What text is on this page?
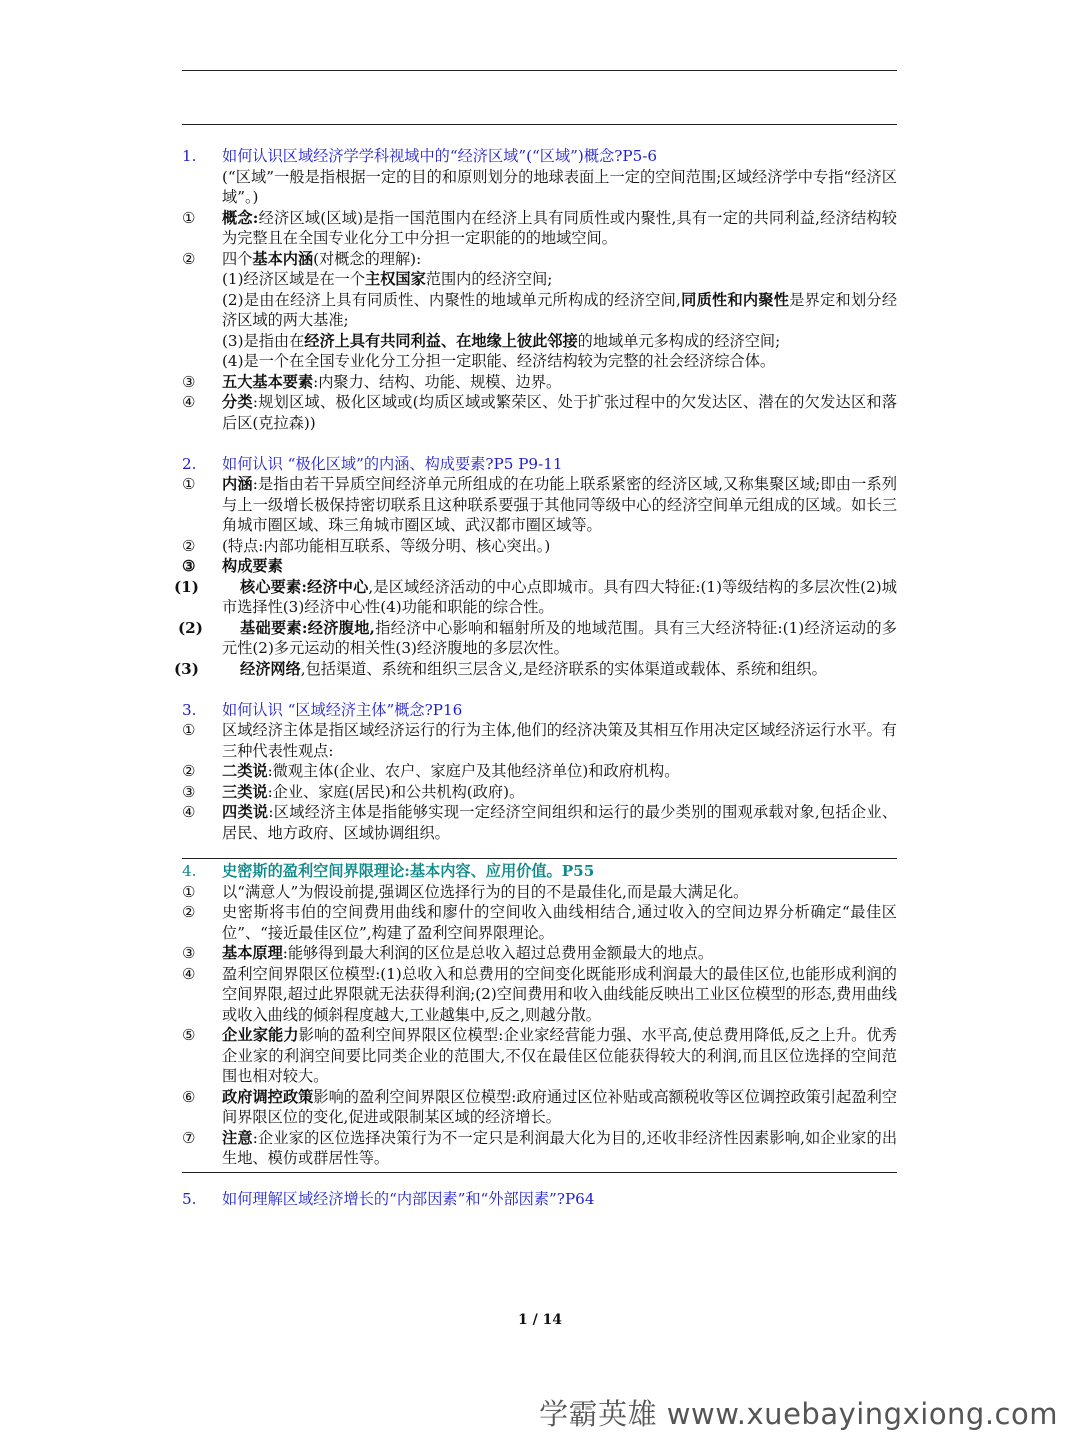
1.	如何认识区域经济学学科视域中的“经济区域”(“区域”)概念?P5-6
(“区域”一般是指根据一定的目的和原则划分的地球表面上一定的空间范围;区域经济学中专指“经济区域”。)
①	概念:经济区域(区域)是指一国范围内在经济上具有同质性或内聚性,具有一定的共同利益,经济结构较为完整且在全国专业化分工中分担一定职能的的地域空间。
②	四个基本内涵(对概念的理解):
(1)经济区域是在一个主权国家范围内的经济空间;
(2)是由在经济上具有同质性、内聚性的地域单元所构成的经济空间,同质性和内聚性是界定和划分经济区域的两大基准;
(3)是指由在经济上具有共同利益、在地缘上彼此邻接的地域单元多构成的经济空间;
(4)是一个在全国专业化分工分担一定职能、经济结构较为完整的社会经济综合体。
③	五大基本要素:内聚力、结构、功能、规模、边界。
④	分类:规划区域、极化区域或(均质区域或繁荣区、处于扩张过程中的欠发达区、潜在的欠发达区和落后区(克拉森))
2.	如何认识 “极化区域”的内涵、构成要素?P5 P9-11
①	内涵:是指由若干异质空间经济单元所组成的在功能上联系紧密的经济区域,又称集聚区域;即由一系列与上一级增长极保持密切联系且这种联系要强于其他同等级中心的经济空间单元组成的区域。如长三角城市圈区域、珠三角城市圈区域、武汉都市圈区域等。
②	(特点:内部功能相互联系、等级分明、核心突出。)
③	构成要素
(1)	核心要素:经济中心,是区域经济活动的中心点即城市。具有四大特征:(1)等级结构的多层次性(2)城市选择性(3)经济中心性(4)功能和职能的综合性。
(2)	基础要素:经济腹地,指经济中心影响和辐射所及的地域范围。具有三大经济特征:(1)经济运动的多元性(2)多元运动的相关性(3)经济腹地的多层次性。
(3)	经济网络,包括渠道、系统和组织三层含义,是经济联系的实体渠道或载体、系统和组织。
3.	如何认识 “区域经济主体”概念?P16
①	区域经济主体是指区域经济运行的行为主体,他们的经济决策及其相互作用决定区域经济运行水平。有三种代表性观点:
②	二类说:微观主体(企业、农户、家庭户及其他经济单位)和政府机构。
③	三类说:企业、家庭(居民)和公共机构(政府)。
④	四类说:区域经济主体是指能够实现一定经济空间组织和运行的最少类别的围观承载对象,包括企业、居民、地方政府、区域协调组织。
4.	史密斯的盈利空间界限理论:基本内容、应用价值。P55
①	以“满意人”为假设前提,强调区位选择行为的目的不是最佳化,而是最大满足化。
②	史密斯将韦伯的空间费用曲线和廖什的空间收入曲线相结合,通过收入的空间边界分析确定“最佳区位”、“接近最佳区位”,构建了盈利空间界限理论。
③	基本原理:能够得到最大利润的区位是总收入超过总费用金额最大的地点。
④	盈利空间界限区位模型:(1)总收入和总费用的空间变化既能形成利润最大的最佳区位,也能形成利润的空间界限,超过此界限就无法获得利润;(2)空间费用和收入曲线能反映出工业区位模型的形态,费用曲线或收入曲线的倾斜程度越大,工业越集中,反之,则越分散。
⑤	企业家能力影响的盈利空间界限区位模型:企业家经营能力强、水平高,使总费用降低,反之上升。优秀企业家的利润空间要比同类企业的范围大,不仅在最佳区位能获得较大的利润,而且区位选择的空间范围也相对较大。
⑥	政府调控政策影响的盈利空间界限区位模型:政府通过区位补贴或高额税收等区位调控政策引起盈利空间界限区位的变化,促进或限制某区域的经济增长。
⑦	注意:企业家的区位选择决策行为不一定只是利润最大化为目的,还收非经济性因素影响,如企业家的出生地、模仿或群居性等。
5.	如何理解区域经济增长的“内部因素”和“外部因素”?P64
1 / 14
学霸英雄 www.xuebayingxiong.com
